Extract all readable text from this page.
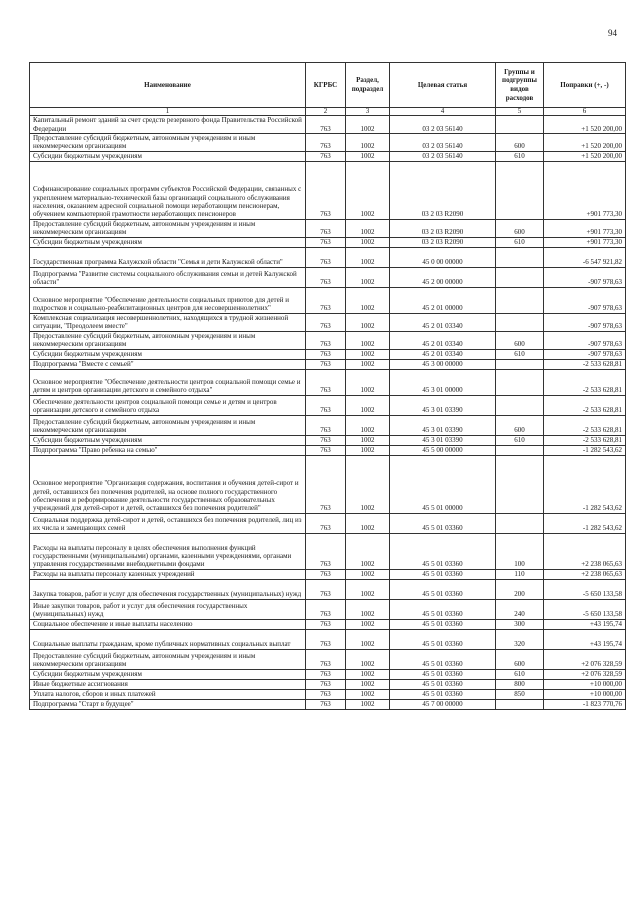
94
Наименование	КГРБС	Раздел, подраздел	Целевая статья	Группы и подгруппы видов расходов	Поправки (+, -)
1	2	3	4	5	6
Капитальный ремонт зданий за счет средств резервного фонда Правительства Российской Федерации	763	1002	03 2 03 56140		+1 520 200,00
Предоставление субсидий бюджетным, автономным учреждениям и иным некоммерческим организациям	763	1002	03 2 03 56140	600	+1 520 200,00
Субсидии бюджетным учреждениям	763	1002	03 2 03 56140	610	+1 520 200,00
Софинансирование социальных программ субъектов Российской Федерации, связанных с укреплением материально-технической базы организаций социального обслуживания населения, оказанием адресной социальной помощи неработающим пенсионерам, обучением компьютерной грамотности неработающих пенсионеров	763	1002	03 2 03 R2090		+901 773,30
Предоставление субсидий бюджетным, автономным учреждениям и иным некоммерческим организациям	763	1002	03 2 03 R2090	600	+901 773,30
Субсидии бюджетным учреждениям	763	1002	03 2 03 R2090	610	+901 773,30
Государственная программа Калужской области "Семья и дети Калужской области"	763	1002	45 0 00 00000		-6 547 921,82
Подпрограмма "Развитие системы социального обслуживания семьи и детей Калужской области"	763	1002	45 2 00 00000		-907 978,63
Основное мероприятие "Обеспечение деятельности социальных приютов для детей и подростков и социально-реабилитационных центров для несовершеннолетних"	763	1002	45 2 01 00000		-907 978,63
Комплексная социализация несовершеннолетних, находящихся в трудной жизненной ситуации, "Преодолеем вместе"	763	1002	45 2 01 03340		-907 978,63
Предоставление субсидий бюджетным, автономным учреждениям и иным некоммерческим организациям	763	1002	45 2 01 03340	600	-907 978,63
Субсидии бюджетным учреждениям	763	1002	45 2 01 03340	610	-907 978,63
Подпрограмма "Вместе с семьей"	763	1002	45 3 00 00000		-2 533 628,81
Основное мероприятие "Обеспечение деятельности центров социальной помощи семье и детям и центров организации детского и семейного отдыха"	763	1002	45 3 01 00000		-2 533 628,81
Обеспечение деятельности центров социальной помощи семье и детям и центров организации детского и семейного отдыха	763	1002	45 3 01 03390		-2 533 628,81
Предоставление субсидий бюджетным, автономным учреждениям и иным некоммерческим организациям	763	1002	45 3 01 03390	600	-2 533 628,81
Субсидии бюджетным учреждениям	763	1002	45 3 01 03390	610	-2 533 628,81
Подпрограмма "Право ребенка на семью"	763	1002	45 5 00 00000		-1 282 543,62
Основное мероприятие "Организация содержания, воспитания и обучения детей-сирот и детей, оставшихся без попечения родителей, на основе полного государственного обеспечения и реформирование деятельности государственных образовательных учреждений для детей-сирот и детей, оставшихся без попечения родителей"	763	1002	45 5 01 00000		-1 282 543,62
Социальная поддержка детей-сирот и детей, оставшихся без попечения родителей, лиц из их числа и замещающих семей	763	1002	45 5 01 03360		-1 282 543,62
Расходы на выплаты персоналу в целях обеспечения выполнения функций государственными (муниципальными) органами, казенными учреждениями, органами управления государственными внебюджетными фондами	763	1002	45 5 01 03360	100	+2 238 065,63
Расходы на выплаты персоналу казенных учреждений	763	1002	45 5 01 03360	110	+2 238 065,63
Закупка товаров, работ и услуг для обеспечения государственных (муниципальных) нужд	763	1002	45 5 01 03360	200	-5 650 133,58
Иные закупки товаров, работ и услуг для обеспечения государственных (муниципальных) нужд	763	1002	45 5 01 03360	240	-5 650 133,58
Социальное обеспечение и иные выплаты населению	763	1002	45 5 01 03360	300	+43 195,74
Социальные выплаты гражданам, кроме публичных нормативных социальных выплат	763	1002	45 5 01 03360	320	+43 195,74
Предоставление субсидий бюджетным, автономным учреждениям и иным некоммерческим организациям	763	1002	45 5 01 03360	600	+2 076 328,59
Субсидии бюджетным учреждениям	763	1002	45 5 01 03360	610	+2 076 328,59
Иные бюджетные ассигнования	763	1002	45 5 01 03360	800	+10 000,00
Уплата налогов, сборов и иных платежей	763	1002	45 5 01 03360	850	+10 000,00
Подпрограмма "Старт в будущее"	763	1002	45 7 00 00000		-1 823 770,76
